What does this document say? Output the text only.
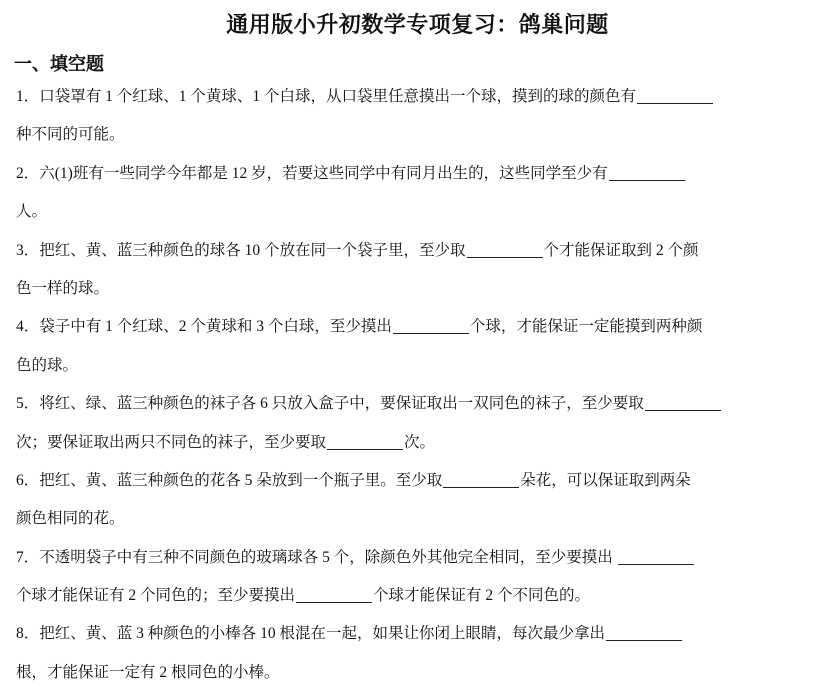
通用版小升初数学专项复习：鸽巢问题
一、填空题
1．口袋罩有 1 个红球、1 个黄球、1 个白球，从口袋里任意摸出一个球，摸到的球的颜色有
种不同的可能。
2．六(1)班有一些同学今年都是 12 岁，若要这些同学中有同月出生的，这些同学至少有
人。
3．把红、黄、蓝三种颜色的球各 10 个放在同一个袋子里，至少取	个才能保证取到 2 个颜
色一样的球。
4．袋子中有 1 个红球、2 个黄球和 3 个白球，至少摸出	个球，才能保证一定能摸到两种颜
色的球。
5．将红、绿、蓝三种颜色的袜子各 6 只放入盒子中，要保证取出一双同色的袜子，至少要取
次；要保证取出两只不同色的袜子，至少要取	次。
6．把红、黄、蓝三种颜色的花各 5 朵放到一个瓶子里。至少取	朵花，可以保证取到两朵
颜色相同的花。
7．不透明袋子中有三种不同颜色的玻璃球各 5 个，除颜色外其他完全相同，至少要摸出
个球才能保证有 2 个同色的；至少要摸出	个球才能保证有 2 个不同色的。
8．把红、黄、蓝 3 种颜色的小棒各 10 根混在一起，如果让你闭上眼睛，每次最少拿出
根，才能保证一定有 2 根同色的小棒。
